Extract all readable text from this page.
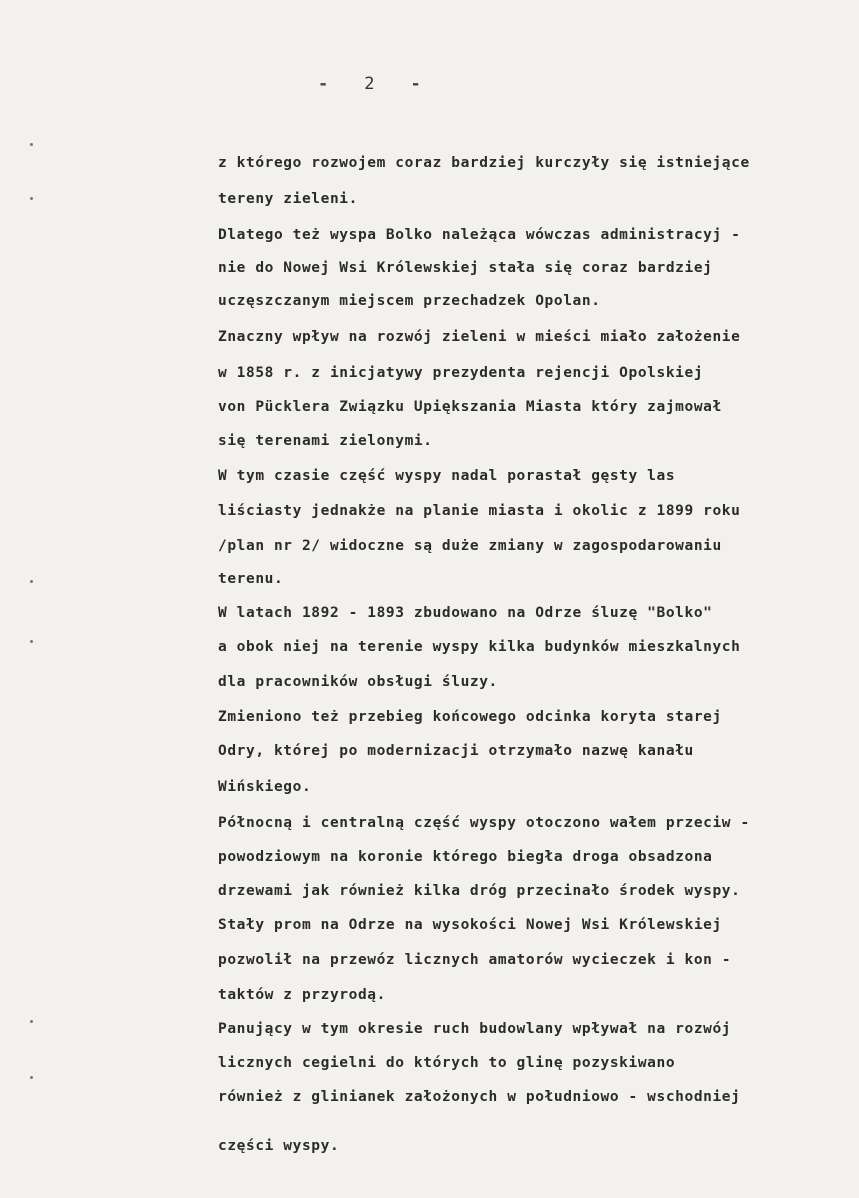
- 2 -
z którego rozwojem coraz bardziej kurczyły się istniejące
tereny zieleni.
Dlatego też wyspa Bolko należąca wówczas administracyj -
nie do Nowej Wsi Królewskiej stała się coraz bardziej
uczęszczanym miejscem przechadzek Opolan.
Znaczny wpływ na rozwój zieleni w mieści miało założenie
w 1858 r. z inicjatywy prezydenta rejencji Opolskiej
von Pücklera Związku Upiększania Miasta który zajmował
się terenami zielonymi.
W tym czasie część wyspy nadal porastał gęsty las
liściasty jednakże na planie miasta i okolic z 1899 roku
/plan nr 2/ widoczne są duże zmiany w zagospodarowaniu
terenu.
W latach 1892 - 1893 zbudowano na Odrze śluzę "Bolko"
a obok niej na terenie wyspy kilka budynków mieszkalnych
dla pracowników obsługi śluzy.
Zmieniono też przebieg końcowego odcinka koryta starej
Odry, której po modernizacji otrzymało nazwę kanału
Wińskiego.
Północną i centralną część wyspy otoczono wałem przeciw -
powodziowym na koronie którego biegła droga obsadzona
drzewami jak również kilka dróg przecinało środek wyspy.
Stały prom na Odrze na wysokości Nowej Wsi Królewskiej
pozwolił na przewóz licznych amatorów wycieczek i kon -
taktów z przyrodą.
Panujący w tym okresie ruch budowlany wpływał na rozwój
licznych cegielni do których to glinę pozyskiwano
również z glinianek założonych w południowo - wschodniej
części wyspy.
